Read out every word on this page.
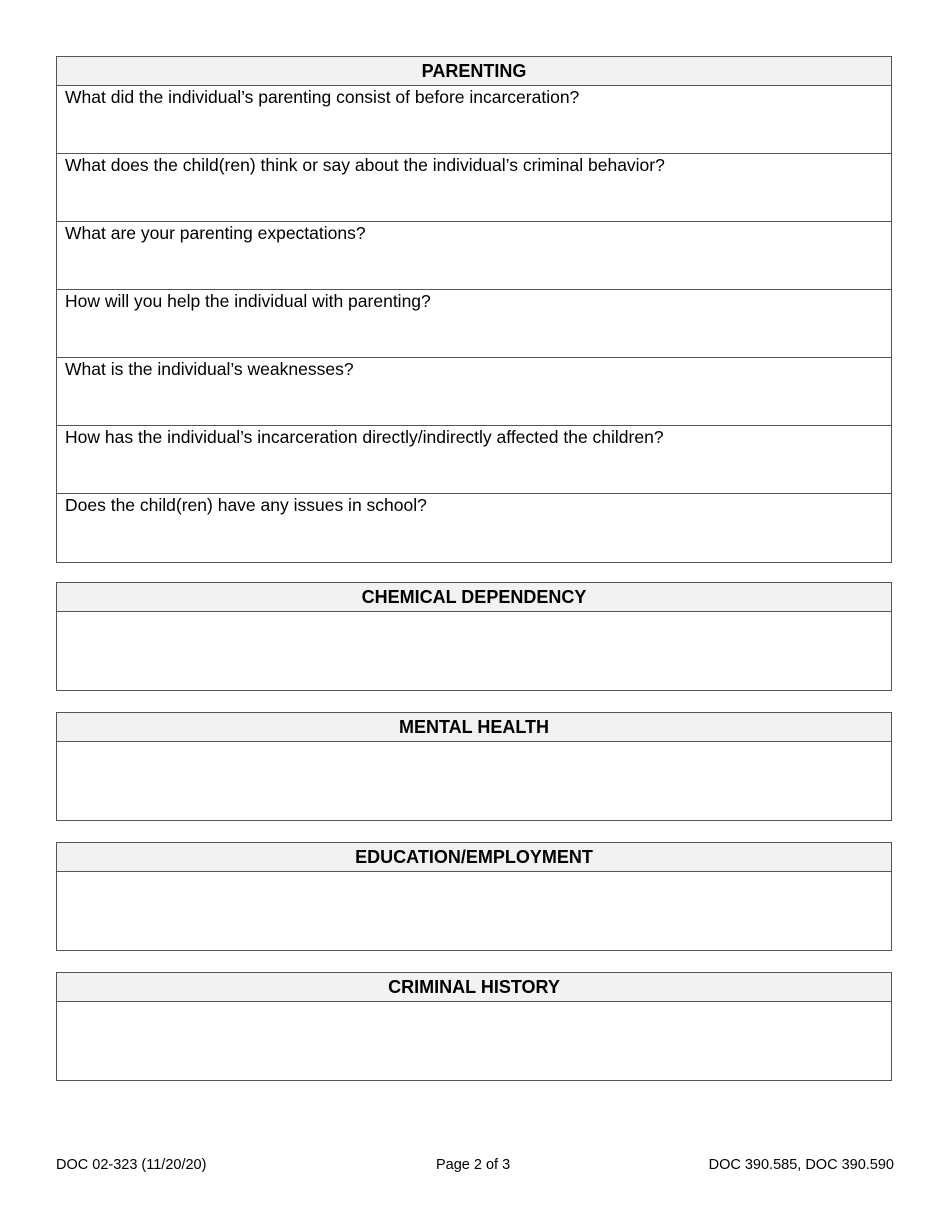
PARENTING
What did the individual’s parenting consist of before incarceration?
What does the child(ren) think or say about the individual’s criminal behavior?
What are your parenting expectations?
How will you help the individual with parenting?
What is the individual’s weaknesses?
How has the individual’s incarceration directly/indirectly affected the children?
Does the child(ren) have any issues in school?
CHEMICAL DEPENDENCY
MENTAL HEALTH
EDUCATION/EMPLOYMENT
CRIMINAL HISTORY
DOC 02-323 (11/20/20)	Page 2 of 3	DOC 390.585, DOC 390.590
